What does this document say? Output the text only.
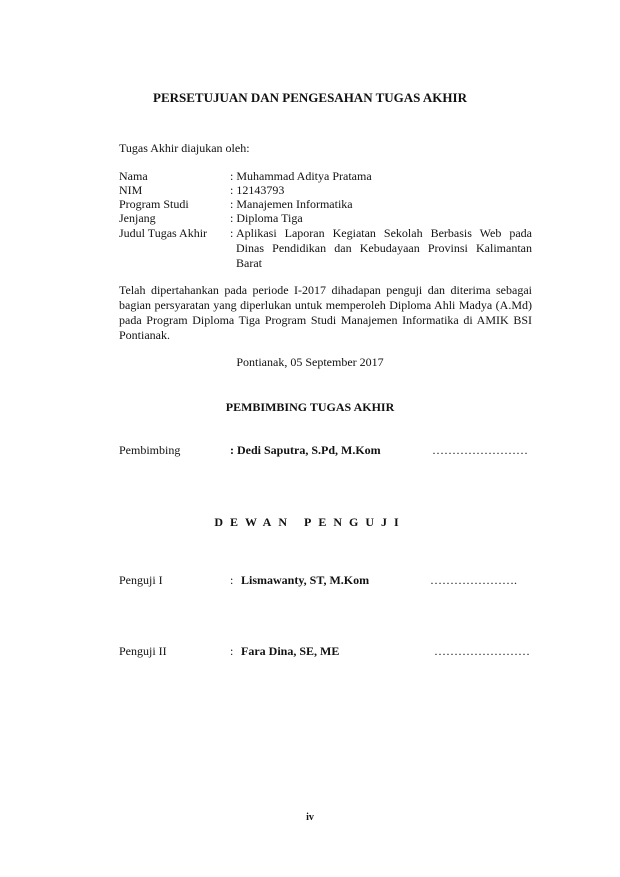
PERSETUJUAN DAN PENGESAHAN TUGAS AKHIR
Tugas Akhir diajukan oleh:
Nama	: Muhammad Aditya Pratama
NIM	: 12143793
Program Studi	: Manajemen Informatika
Jenjang	: Diploma Tiga
Judul Tugas Akhir : Aplikasi Laporan Kegiatan Sekolah Berbasis Web pada Dinas Pendidikan dan Kebudayaan Provinsi Kalimantan Barat
Telah dipertahankan pada periode I-2017 dihadapan penguji dan diterima sebagai bagian persyaratan yang diperlukan untuk memperoleh Diploma Ahli Madya (A.Md) pada Program Diploma Tiga Program Studi Manajemen Informatika di AMIK BSI Pontianak.
Pontianak, 05 September 2017
PEMBIMBING TUGAS AKHIR
Pembimbing	: Dedi Saputra, S.Pd, M.Kom	……………………
DEWAN PENGUJI
Penguji I	: Lismawanty, ST, M.Kom	………………….
Penguji II	: Fara Dina, SE, ME	……………………
iv
